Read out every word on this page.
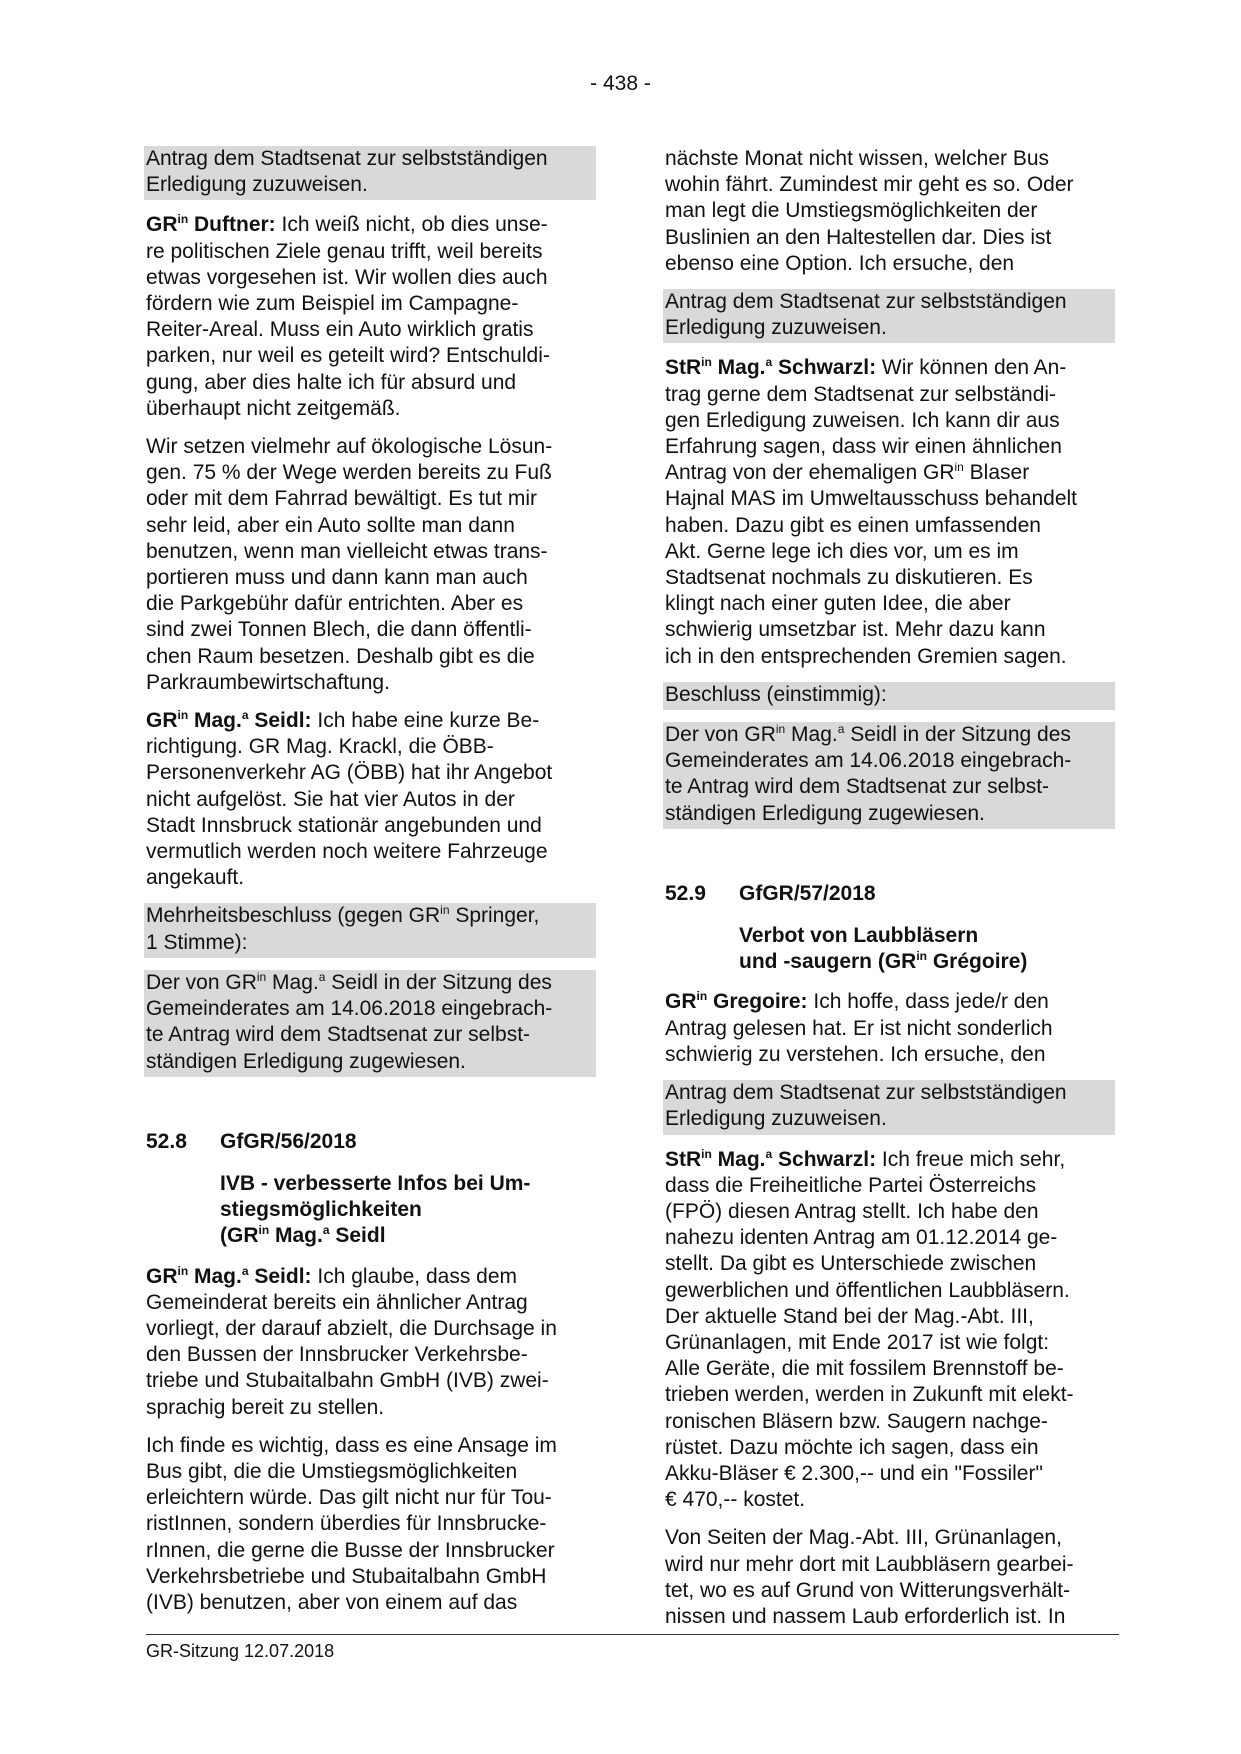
- 438 -
Antrag dem Stadtsenat zur selbstständigen
Erledigung zuzuweisen.
$GR^{in}$ Duftner: Ich weiß nicht, ob dies unse-
re politischen Ziele genau trifft, weil bereits
etwas vorgesehen ist. Wir wollen dies auch
fördern wie zum Beispiel im Campagne-
Reiter-Areal. Muss ein Auto wirklich gratis
parken, nur weil es geteilt wird? Entschuldi-
gung, aber dies halte ich für absurd und
überhaupt nicht zeitgemäß.
Wir setzen vielmehr auf ökologische Lösun-
gen. 75 % der Wege werden bereits zu Fuß
oder mit dem Fahrrad bewältigt. Es tut mir
sehr leid, aber ein Auto sollte man dann
benutzen, wenn man vielleicht etwas trans-
portieren muss und dann kann man auch
die Parkgebühr dafür entrichten. Aber es
sind zwei Tonnen Blech, die dann öffentli-
chen Raum besetzen. Deshalb gibt es die
Parkraumbewirtschaftung.
$GR^{in}$ Mag.$^a$ Seidl: Ich habe eine kurze Be-
richtigung. GR Mag. Krackl, die ÖBB-
Personenverkehr AG (ÖBB) hat ihr Angebot
nicht aufgelöst. Sie hat vier Autos in der
Stadt Innsbruck stationär angebunden und
vermutlich werden noch weitere Fahrzeuge
angekauft.
Mehrheitsbeschluss (gegen $GR^{in}$ Springer,
1 Stimme):
Der von $GR^{in}$ Mag.$^a$ Seidl in der Sitzung des
Gemeinderates am 14.06.2018 eingebrach-
te Antrag wird dem Stadtsenat zur selbst-
ständigen Erledigung zugewiesen.
52.8 GfGR/56/2018
IVB - verbesserte Infos bei Um-
stiegsmöglichkeiten
($GR^{in}$ Mag.$^a$ Seidl
$GR^{in}$ Mag.$^a$ Seidl: Ich glaube, dass dem
Gemeinderat bereits ein ähnlicher Antrag
vorliegt, der darauf abzielt, die Durchsage in
den Bussen der Innsbrucker Verkehrsbe-
triebe und Stubaitalbahn GmbH (IVB) zwei-
sprachig bereit zu stellen.
Ich finde es wichtig, dass es eine Ansage im
Bus gibt, die die Umstiegsmöglichkeiten
erleichtern würde. Das gilt nicht nur für Tou-
ristInnen, sondern überdies für Innsbrucke-
rInnen, die gerne die Busse der Innsbrucker
Verkehrsbetriebe und Stubaitalbahn GmbH
(IVB) benutzen, aber von einem auf das
nächste Monat nicht wissen, welcher Bus
wohin fährt. Zumindest mir geht es so. Oder
man legt die Umstiegsmöglichkeiten der
Buslinien an den Haltestellen dar. Dies ist
ebenso eine Option. Ich ersuche, den
Antrag dem Stadtsenat zur selbstständigen
Erledigung zuzuweisen.
StR$^{in}$ Mag.$^a$ Schwarzl: Wir können den An-
trag gerne dem Stadtsenat zur selbständi-
gen Erledigung zuweisen. Ich kann dir aus
Erfahrung sagen, dass wir einen ähnlichen
Antrag von der ehemaligen $GR^{in}$ Blaser
Hajnal MAS im Umweltausschuss behandelt
haben. Dazu gibt es einen umfassenden
Akt. Gerne lege ich dies vor, um es im
Stadtsenat nochmals zu diskutieren. Es
klingt nach einer guten Idee, die aber
schwierig umsetzbar ist. Mehr dazu kann
ich in den entsprechenden Gremien sagen.
Beschluss (einstimmig):
Der von $GR^{in}$ Mag.$^a$ Seidl in der Sitzung des
Gemeinderates am 14.06.2018 eingebrach-
te Antrag wird dem Stadtsenat zur selbst-
ständigen Erledigung zugewiesen.
52.9 GfGR/57/2018
Verbot von Laubbläsern
und -saugern ($GR^{in}$ Grégoire)
$GR^{in}$ Gregoire: Ich hoffe, dass jede/r den
Antrag gelesen hat. Er ist nicht sonderlich
schwierig zu verstehen. Ich ersuche, den
Antrag dem Stadtsenat zur selbstständigen
Erledigung zuzuweisen.
StR$^{in}$ Mag.$^a$ Schwarzl: Ich freue mich sehr,
dass die Freiheitliche Partei Österreichs
(FPÖ) diesen Antrag stellt. Ich habe den
nahezu identen Antrag am 01.12.2014 ge-
stellt. Da gibt es Unterschiede zwischen
gewerblichen und öffentlichen Laubbläsern.
Der aktuelle Stand bei der Mag.-Abt. III,
Grünanlagen, mit Ende 2017 ist wie folgt:
Alle Geräte, die mit fossilem Brennstoff be-
trieben werden, werden in Zukunft mit elekt-
ronischen Bläsern bzw. Saugern nachge-
rüstet. Dazu möchte ich sagen, dass ein
Akku-Bläser € 2.300,-- und ein "Fossiler"
€ 470,-- kostet.
Von Seiten der Mag.-Abt. III, Grünanlagen,
wird nur mehr dort mit Laubbläsern gearbei-
tet, wo es auf Grund von Witterungsverhält-
nissen und nassem Laub erforderlich ist. In
GR-Sitzung 12.07.2018
